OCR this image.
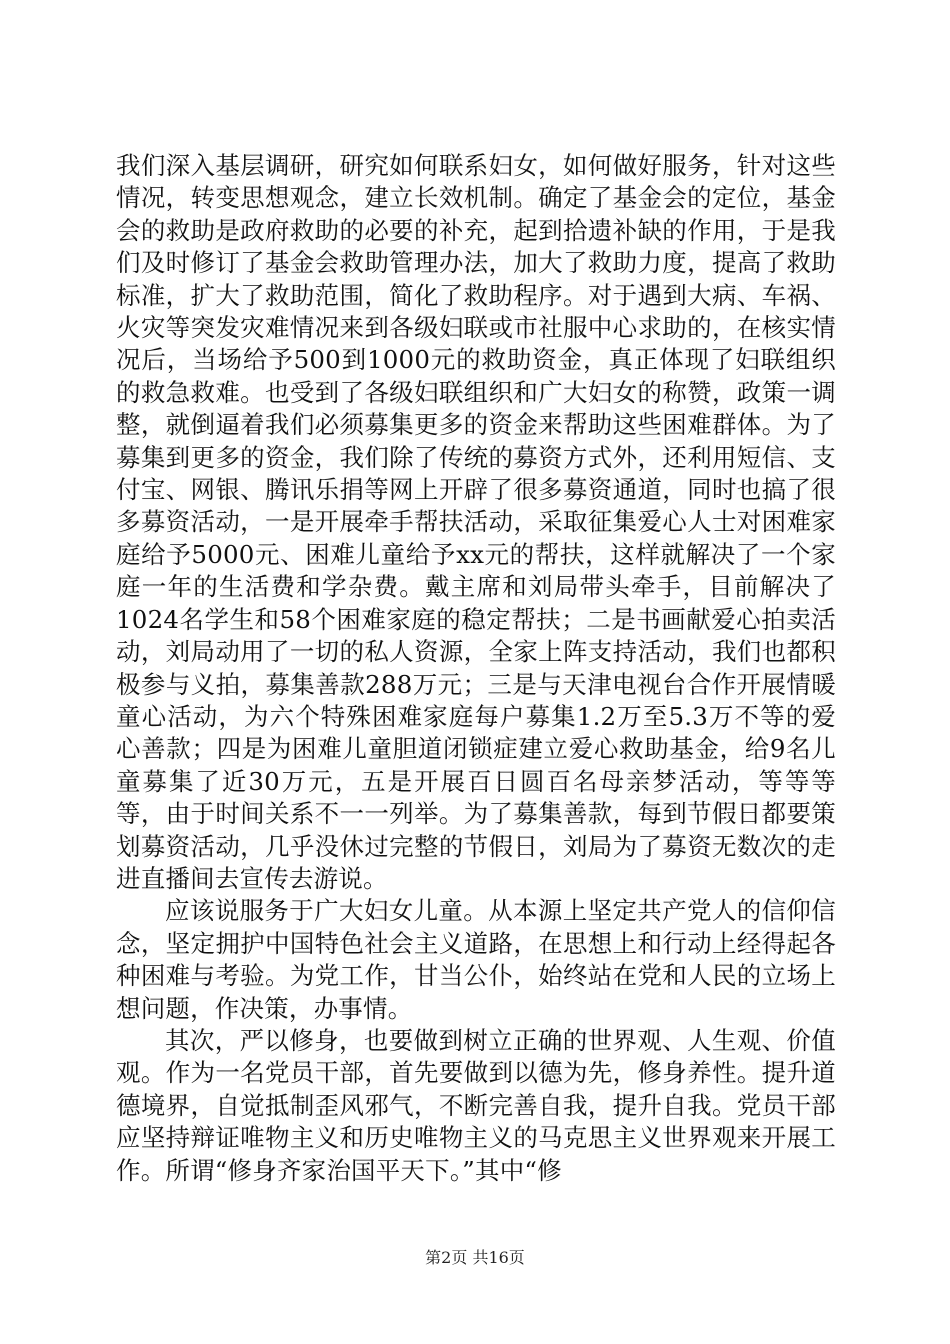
我们深入基层调研，研究如何联系妇女，如何做好服务，针对这些情况，转变思想观念，建立长效机制。确定了基金会的定位，基金会的救助是政府救助的必要的补充，起到拾遗补缺的作用，于是我们及时修订了基金会救助管理办法，加大了救助力度，提高了救助标准，扩大了救助范围，简化了救助程序。对于遇到大病、车祸、火灾等突发灾难情况来到各级妇联或市社服中心求助的，在核实情况后，当场给予500到1000元的救助资金，真正体现了妇联组织的救急救难。也受到了各级妇联组织和广大妇女的称赞，政策一调整，就倒逼着我们必须募集更多的资金来帮助这些困难群体。为了募集到更多的资金，我们除了传统的募资方式外，还利用短信、支付宝、网银、腾讯乐捐等网上开辟了很多募资通道，同时也搞了很多募资活动，一是开展牵手帮扶活动，采取征集爱心人士对困难家庭给予5000元、困难儿童给予xx元的帮扶，这样就解决了一个家庭一年的生活费和学杂费。戴主席和刘局带头牵手，目前解决了1024名学生和58个困难家庭的稳定帮扶；二是书画献爱心拍卖活动，刘局动用了一切的私人资源，全家上阵支持活动，我们也都积极参与义拍，募集善款288万元；三是与天津电视台合作开展情暖童心活动，为六个特殊困难家庭每户募集1.2万至5.3万不等的爱心善款；四是为困难儿童胆道闭锁症建立爱心救助基金，给9名儿童募集了近30万元，五是开展百日圆百名母亲梦活动，等等等等，由于时间关系不一一列举。为了募集善款，每到节假日都要策划募资活动，几乎没休过完整的节假日，刘局为了募资无数次的走进直播间去宣传去游说。

应该说服务于广大妇女儿童。从本源上坚定共产党人的信仰信念，坚定拥护中国特色社会主义道路，在思想上和行动上经得起各种困难与考验。为党工作，甘当公仆，始终站在党和人民的立场上想问题，作决策，办事情。

其次，严以修身，也要做到树立正确的世界观、人生观、价值观。作为一名党员干部，首先要做到以德为先，修身养性。提升道德境界，自觉抵制歪风邪气，不断完善自我，提升自我。党员干部应坚持辩证唯物主义和历史唯物主义的马克思主义世界观来开展工作。所谓“修身齐家治国平天下。”其中“修

第2页 共16页
